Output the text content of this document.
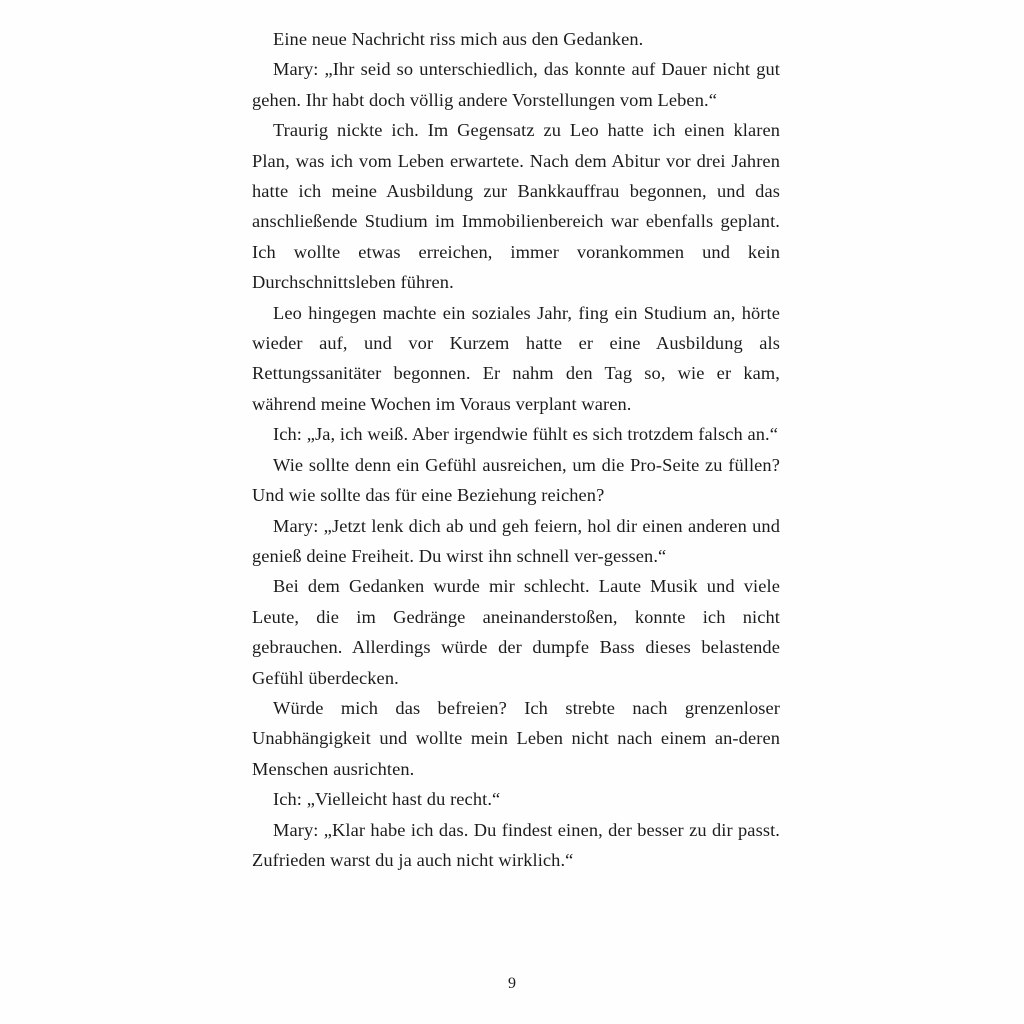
Eine neue Nachricht riss mich aus den Gedanken.

Mary: „Ihr seid so unterschiedlich, das konnte auf Dauer nicht gut gehen. Ihr habt doch völlig andere Vorstellungen vom Leben.“

Traurig nickte ich. Im Gegensatz zu Leo hatte ich einen klaren Plan, was ich vom Leben erwartete. Nach dem Abitur vor drei Jahren hatte ich meine Ausbildung zur Bankkauffrau begonnen, und das anschließende Studium im Immobilienbereich war ebenfalls geplant. Ich wollte etwas erreichen, immer vorankommen und kein Durchschnittsleben führen.

Leo hingegen machte ein soziales Jahr, fing ein Studium an, hörte wieder auf, und vor Kurzem hatte er eine Ausbildung als Rettungssanitäter begonnen. Er nahm den Tag so, wie er kam, während meine Wochen im Voraus verplant waren.

Ich: „Ja, ich weiß. Aber irgendwie fühlt es sich trotzdem falsch an.“

Wie sollte denn ein Gefühl ausreichen, um die Pro-Seite zu füllen? Und wie sollte das für eine Beziehung reichen?

Mary: „Jetzt lenk dich ab und geh feiern, hol dir einen anderen und genieß deine Freiheit. Du wirst ihn schnell ver-gessen.“

Bei dem Gedanken wurde mir schlecht. Laute Musik und viele Leute, die im Gedränge aneinanderstoßen, konnte ich nicht gebrauchen. Allerdings würde der dumpfe Bass dieses belastende Gefühl überdecken.

Würde mich das befreien? Ich strebte nach grenzenloser Unabhängigkeit und wollte mein Leben nicht nach einem an-deren Menschen ausrichten.

Ich: „Vielleicht hast du recht.“

Mary: „Klar habe ich das. Du findest einen, der besser zu dir passt. Zufrieden warst du ja auch nicht wirklich.“

9
